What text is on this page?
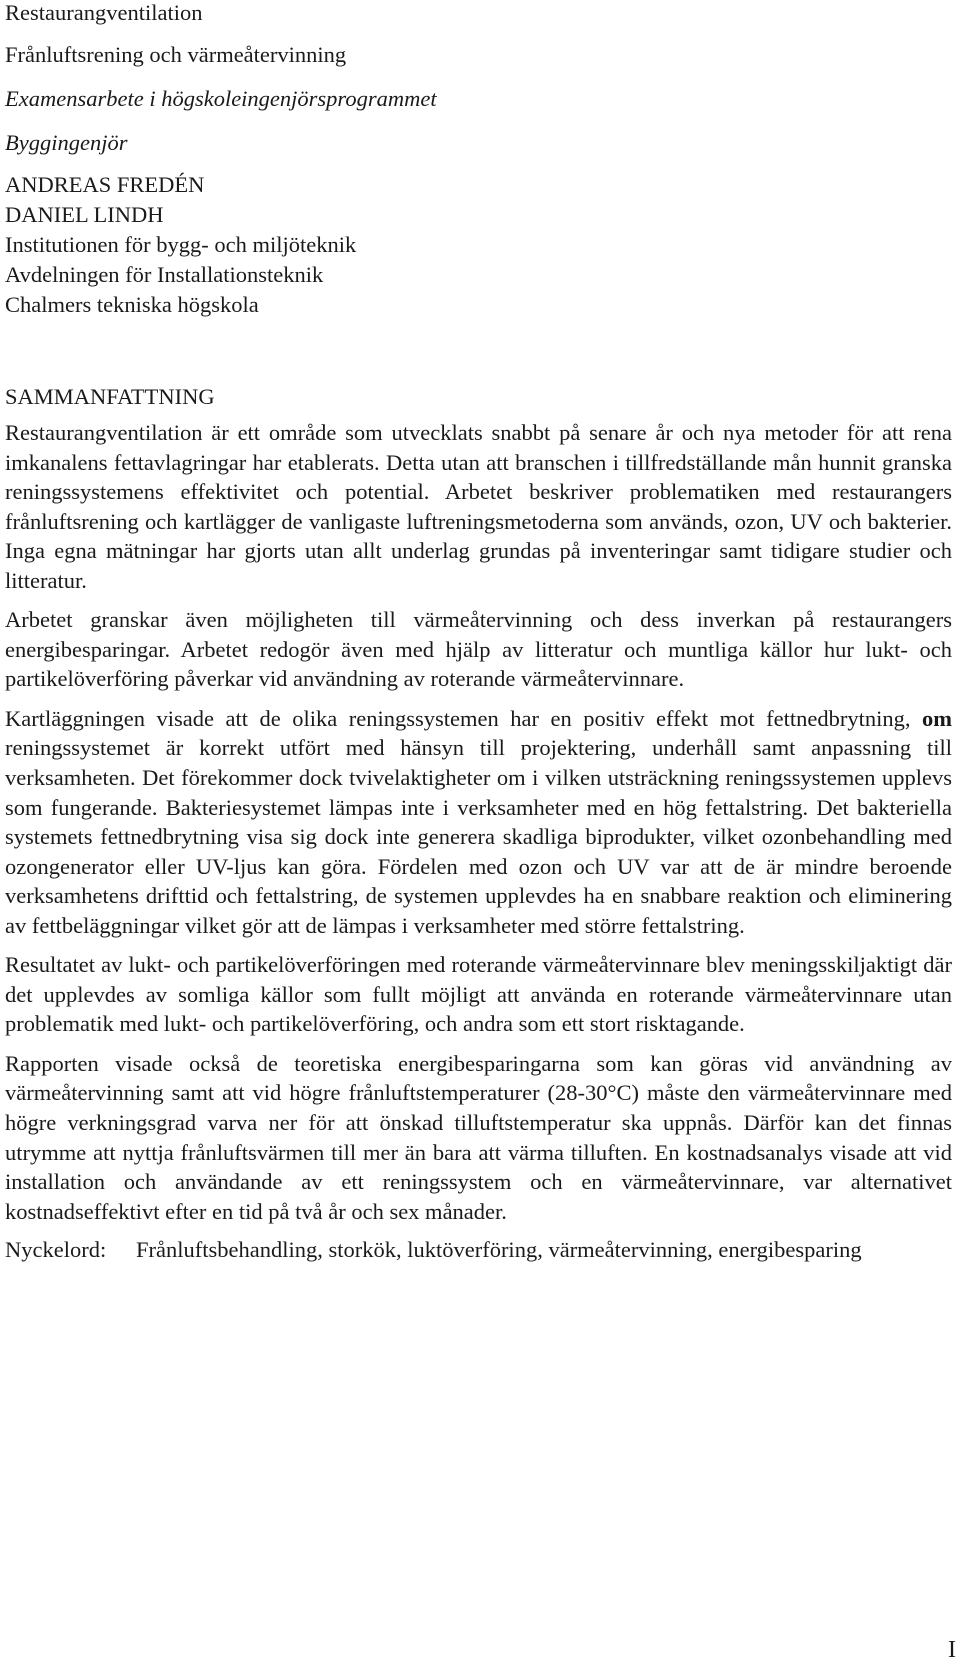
Restaurangventilation
Frånluftsrening och värmeåtervinning
Examensarbete i högskoleingenjörsprogrammet
Byggingenjör
ANDREAS FREDÉN
DANIEL LINDH
Institutionen för bygg- och miljöteknik
Avdelningen för Installationsteknik
Chalmers tekniska högskola
SAMMANFATTNING

Restaurangventilation är ett område som utvecklats snabbt på senare år och nya metoder för att rena imkanalens fettavlagringar har etablerats. Detta utan att branschen i tillfredställande mån hunnit granska reningssystemens effektivitet och potential. Arbetet beskriver problematiken med restaurangers frånluftsrening och kartlägger de vanligaste luftreningsmetoderna som används, ozon, UV och bakterier. Inga egna mätningar har gjorts utan allt underlag grundas på inventeringar samt tidigare studier och litteratur.

Arbetet granskar även möjligheten till värmeåtervinning och dess inverkan på restaurangers energibesparingar. Arbetet redogör även med hjälp av litteratur och muntliga källor hur lukt- och partikelöverföring påverkar vid användning av roterande värmeåtervinnare.

Kartläggningen visade att de olika reningssystemen har en positiv effekt mot fettnedbrytning, om reningssystemet är korrekt utfört med hänsyn till projektering, underhåll samt anpassning till verksamheten. Det förekommer dock tvivelaktigheter om i vilken utsträckning reningssystemen upplevs som fungerande. Bakteriesystemet lämpas inte i verksamheter med en hög fettalstring. Det bakteriella systemets fettnedbrytning visa sig dock inte generera skadliga biprodukter, vilket ozonbehandling med ozongenerator eller UV-ljus kan göra. Fördelen med ozon och UV var att de är mindre beroende verksamhetens drifttid och fettalstring, de systemen upplevdes ha en snabbare reaktion och eliminering av fettbeläggningar vilket gör att de lämpas i verksamheter med större fettalstring.

Resultatet av lukt- och partikelöverföringen med roterande värmeåtervinnare blev meningsskiljaktigt där det upplevdes av somliga källor som fullt möjligt att använda en roterande värmeåtervinnare utan problematik med lukt- och partikelöverföring, och andra som ett stort risktagande.

Rapporten visade också de teoretiska energibesparingarna som kan göras vid användning av värmeåtervinning samt att vid högre frånluftstemperaturer (28-30°C) måste den värmeåtervinnare med högre verkningsgrad varva ner för att önskad tilluftstemperatur ska uppnås. Därför kan det finnas utrymme att nyttja frånluftsvärmen till mer än bara att värma tilluften. En kostnadsanalys visade att vid installation och användande av ett reningssystem och en värmeåtervinnare, var alternativet kostnadseffektivt efter en tid på två år och sex månader.

Nyckelord:	Frånluftsbehandling, storkök, luktöverföring, värmeåtervinning, energibesparing
I
